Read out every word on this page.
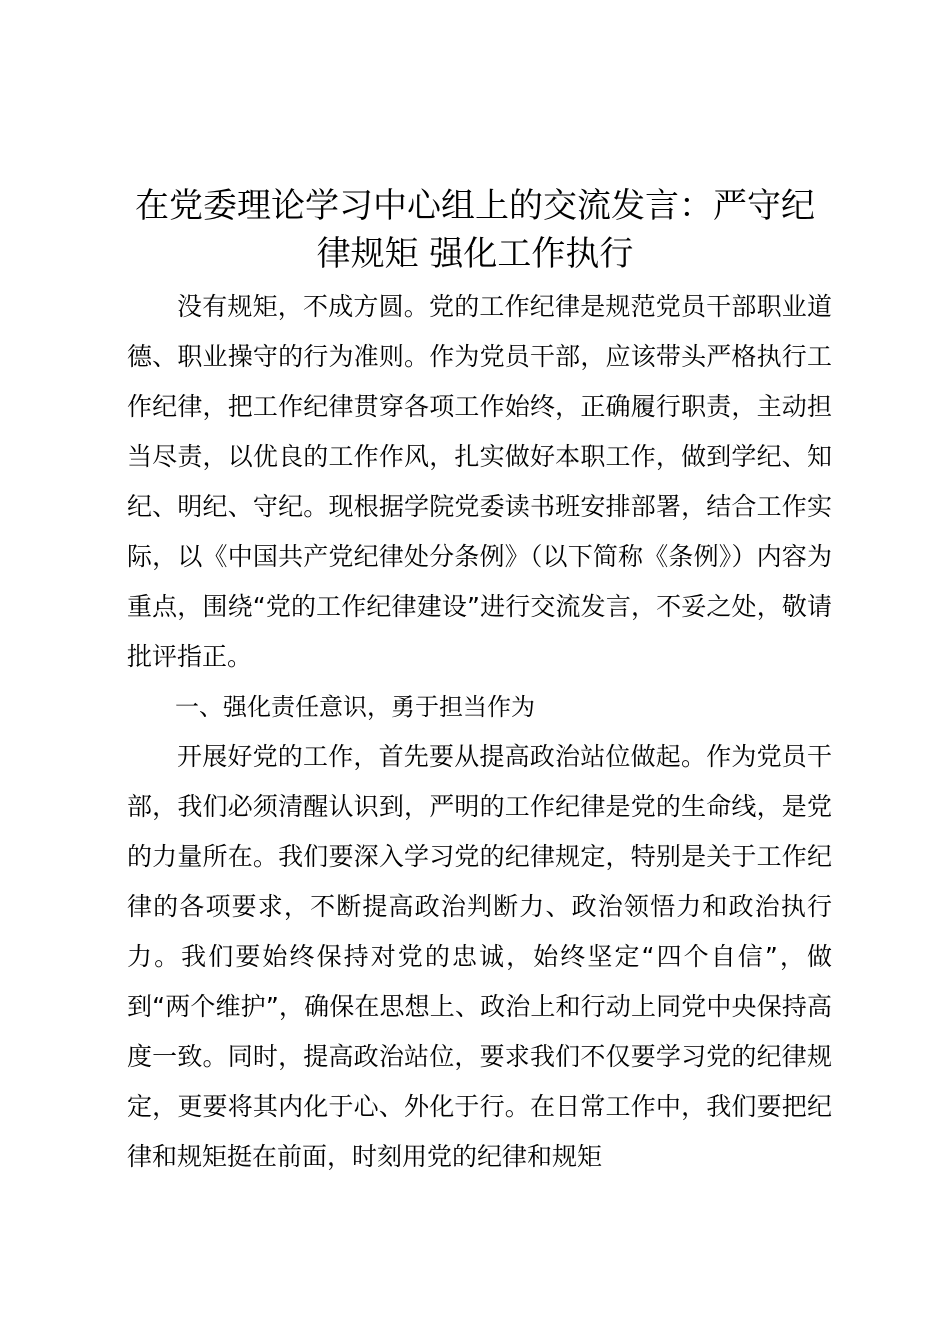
在党委理论学习中心组上的交流发言：严守纪律规矩 强化工作执行

没有规矩，不成方圆。党的工作纪律是规范党员干部职业道德、职业操守的行为准则。作为党员干部，应该带头严格执行工作纪律，把工作纪律贯穿各项工作始终，正确履行职责，主动担当尽责，以优良的工作作风，扎实做好本职工作，做到学纪、知纪、明纪、守纪。现根据学院党委读书班安排部署，结合工作实际，以《中国共产党纪律处分条例》（以下简称《条例》）内容为重点，围绕“党的工作纪律建设”进行交流发言，不妥之处，敬请批评指正。

一、强化责任意识，勇于担当作为

开展好党的工作，首先要从提高政治站位做起。作为党员干部，我们必须清醒认识到，严明的工作纪律是党的生命线，是党的力量所在。我们要深入学习党的纪律规定，特别是关于工作纪律的各项要求，不断提高政治判断力、政治领悟力和政治执行力。我们要始终保持对党的忠诚，始终坚定“四个自信”，做到“两个维护”，确保在思想上、政治上和行动上同党中央保持高度一致。同时，提高政治站位，要求我们不仅要学习党的纪律规定，更要将其内化于心、外化于行。在日常工作中，我们要把纪律和规矩挺在前面，时刻用党的纪律和规矩
